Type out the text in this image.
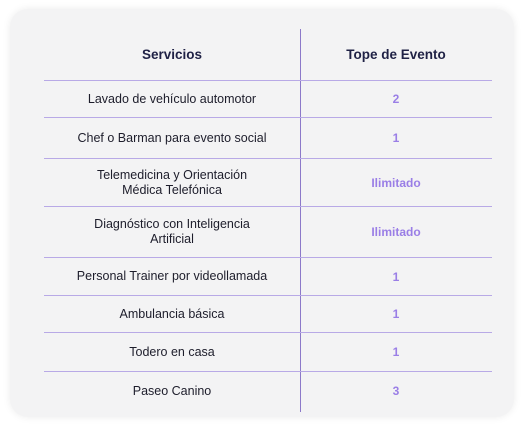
Servicios	Tope de Evento
Lavado de vehículo automotor	2
Chef o Barman para evento social	1
Telemedicina y Orientación Médica Telefónica	Ilimitado
Diagnóstico con Inteligencia Artificial	Ilimitado
Personal Trainer por videollamada	1
Ambulancia básica	1
Todero en casa	1
Paseo Canino	3
